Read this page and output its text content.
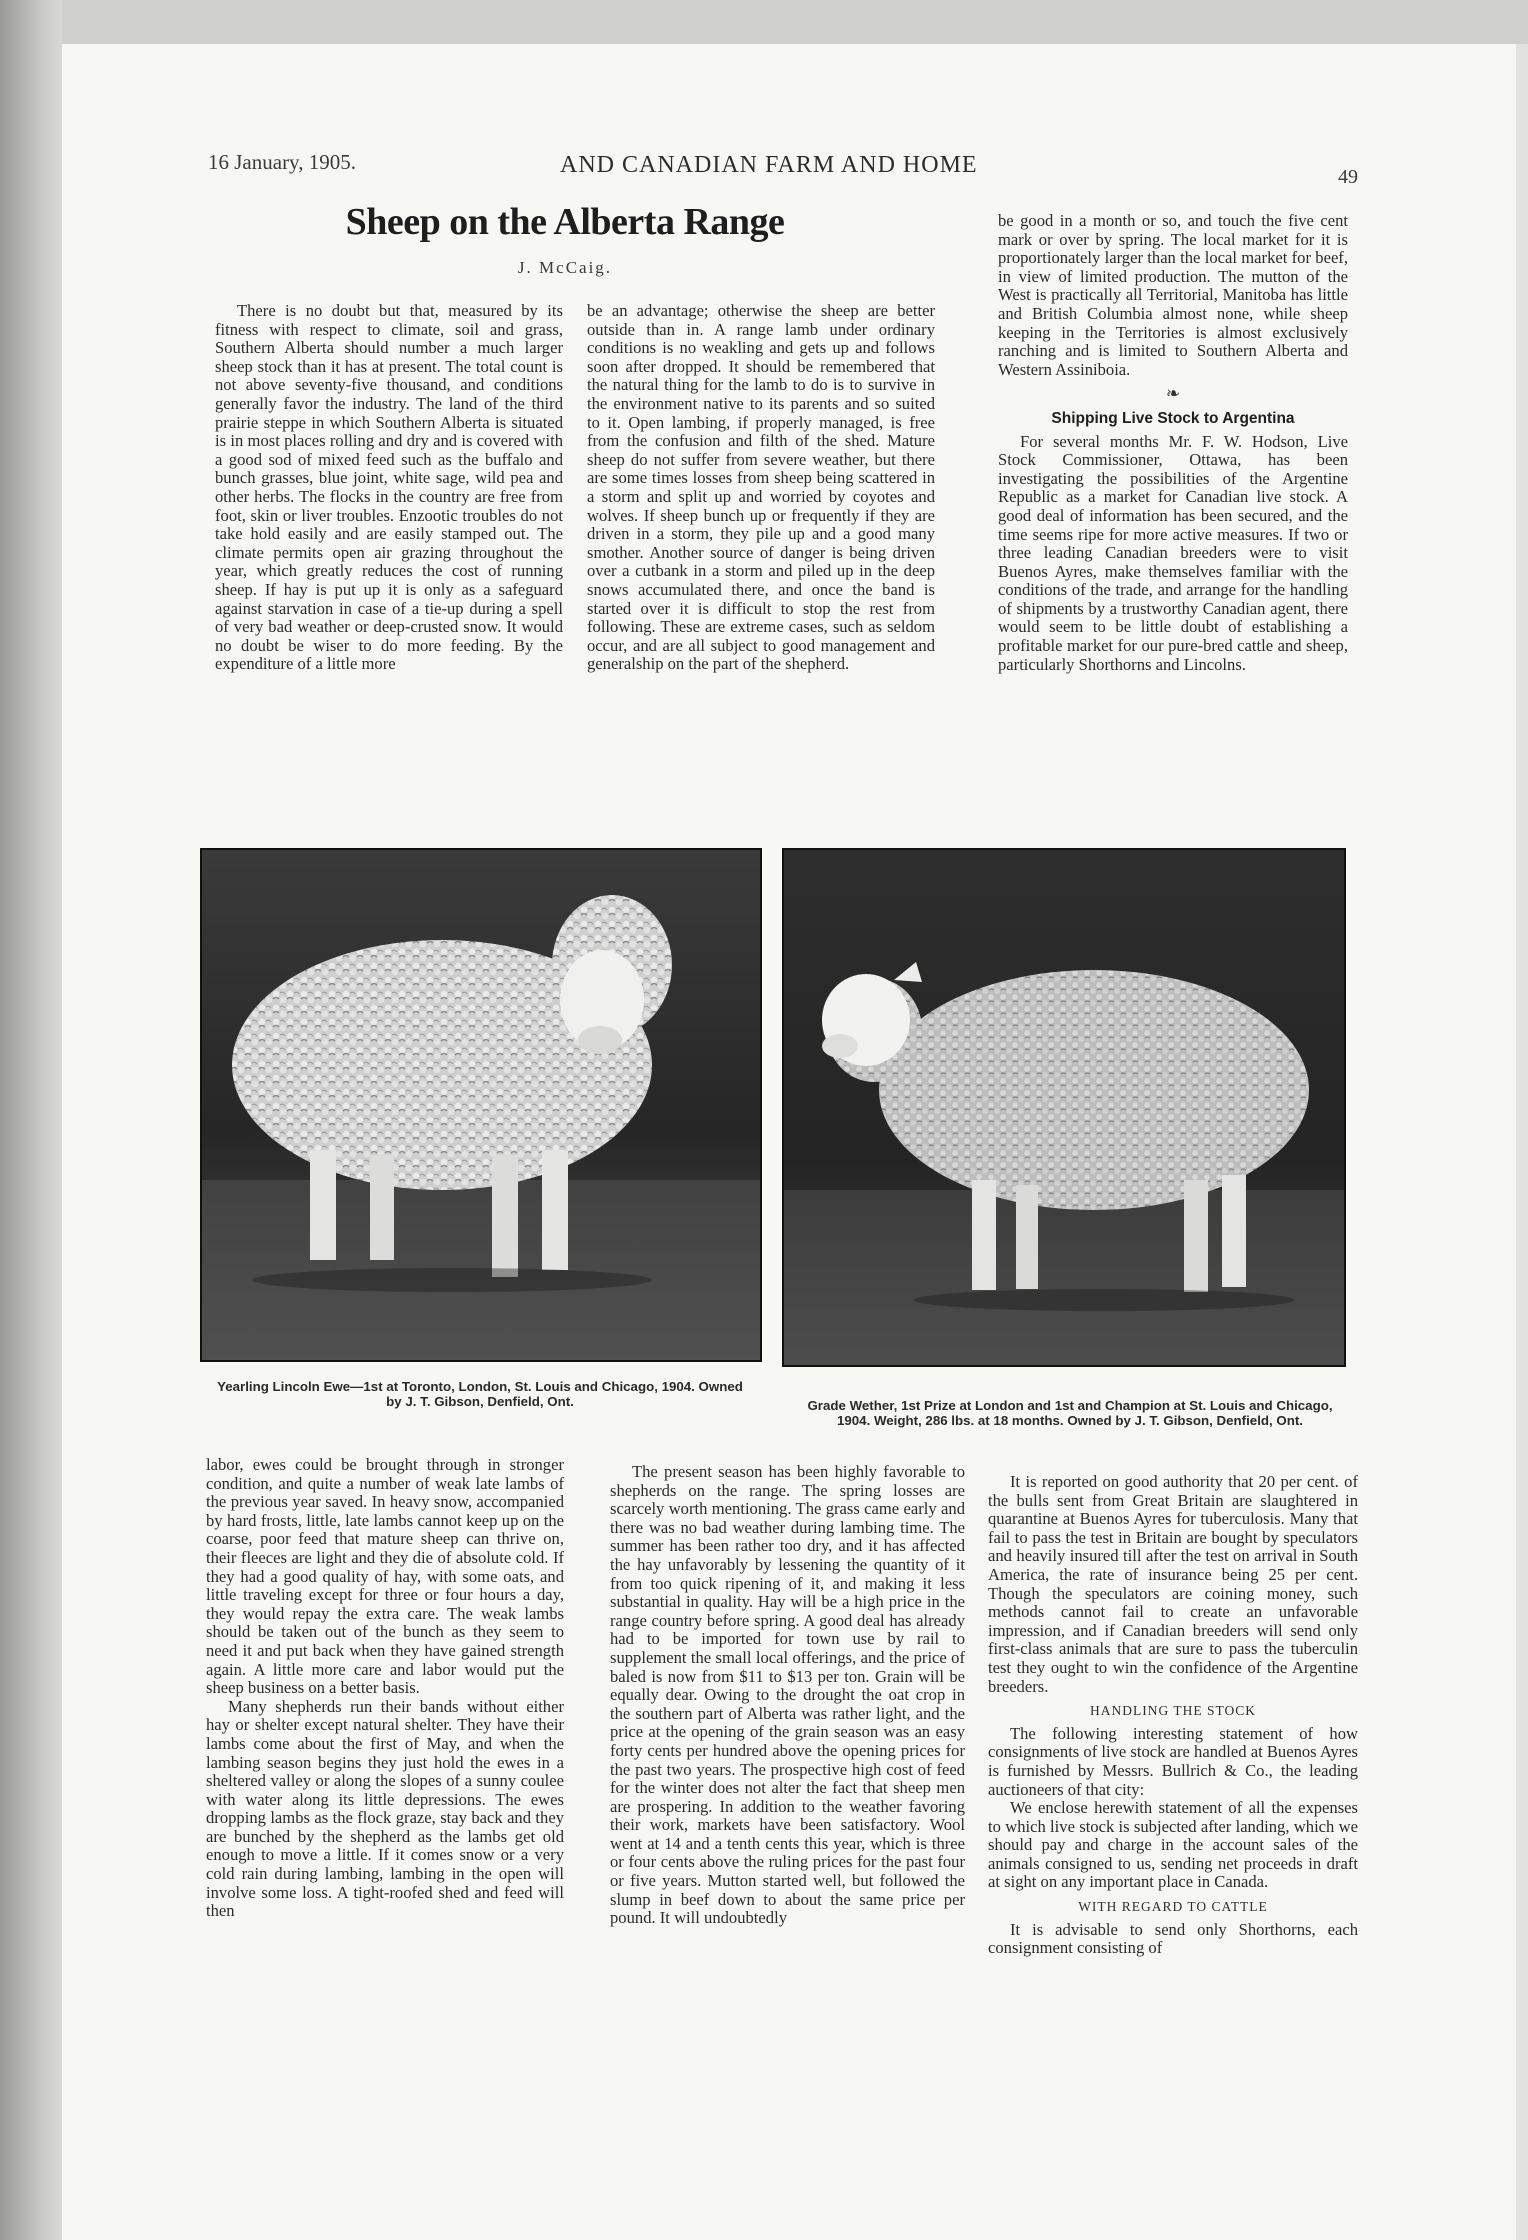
16 January, 1905.	AND CANADIAN FARM AND HOME	49
Sheep on the Alberta Range
J. McCaig.

There is no doubt but that, measured by its fitness with respect to climate, soil and grass, Southern Alberta should number a much larger sheep stock than it has at present. The total count is not above seventy-five thousand, and conditions generally favor the industry. The land of the third prairie steppe in which Southern Alberta is situated is in most places rolling and dry and is covered with a good sod of mixed feed such as the buffalo and bunch grasses, blue joint, white sage, wild pea and other herbs. The flocks in the country are free from foot, skin or liver troubles. Enzootic troubles do not take hold easily and are easily stamped out. The climate permits open air grazing throughout the year, which greatly reduces the cost of running sheep. If hay is put up it is only as a safeguard against starvation in case of a tie-up during a spell of very bad weather or deep-crusted snow. It would no doubt be wiser to do more feeding. By the expenditure of a little more

be an advantage; otherwise the sheep are better outside than in. A range lamb under ordinary conditions is no weakling and gets up and follows soon after dropped. It should be remembered that the natural thing for the lamb to do is to survive in the environment native to its parents and so suited to it. Open lambing, if properly managed, is free from the confusion and filth of the shed. Mature sheep do not suffer from severe weather, but there are some times losses from sheep being scattered in a storm and split up and worried by coyotes and wolves. If sheep bunch up or frequently if they are driven in a storm, they pile up and a good many smother. Another source of danger is being driven over a cutbank in a storm and piled up in the deep snows accumulated there, and once the band is started over it is difficult to stop the rest from following. These are extreme cases, such as seldom occur, and are all subject to good management and generalship on the part of the shepherd.

be good in a month or so, and touch the five cent mark or over by spring. The local market for it is proportionately larger than the local market for beef, in view of limited production. The mutton of the West is practically all Territorial, Manitoba has little and British Columbia almost none, while sheep keeping in the Territories is almost exclusively ranching and is limited to Southern Alberta and Western Assiniboia.

❧
Shipping Live Stock to Argentina

For several months Mr. F. W. Hodson, Live Stock Commissioner, Ottawa, has been investigating the possibilities of the Argentine Republic as a market for Canadian live stock. A good deal of information has been secured, and the time seems ripe for more active measures. If two or three leading Canadian breeders were to visit Buenos Ayres, make themselves familiar with the conditions of the trade, and arrange for the handling of shipments by a trustworthy Canadian agent, there would seem to be little doubt of establishing a profitable market for our pure-bred cattle and sheep, particularly Shorthorns and Lincolns.

Yearling Lincoln Ewe—1st at Toronto, London, St. Louis and Chicago, 1904. Owned by J. T. Gibson, Denfield, Ont.	Grade Wether, 1st Prize at London and 1st and Champion at St. Louis and Chicago, 1904. Weight, 286 lbs. at 18 months. Owned by J. T. Gibson, Denfield, Ont.

labor, ewes could be brought through in stronger condition, and quite a number of weak late lambs of the previous year saved. In heavy snow, accompanied by hard frosts, little, late lambs cannot keep up on the coarse, poor feed that mature sheep can thrive on, their fleeces are light and they die of absolute cold. If they had a good quality of hay, with some oats, and little traveling except for three or four hours a day, they would repay the extra care. The weak lambs should be taken out of the bunch as they seem to need it and put back when they have gained strength again. A little more care and labor would put the sheep business on a better basis.

Many shepherds run their bands without either hay or shelter except natural shelter. They have their lambs come about the first of May, and when the lambing season begins they just hold the ewes in a sheltered valley or along the slopes of a sunny coulee with water along its little depressions. The ewes dropping lambs as the flock graze, stay back and they are bunched by the shepherd as the lambs get old enough to move a little. If it comes snow or a very cold rain during lambing, lambing in the open will involve some loss. A tight-roofed shed and feed will then

The present season has been highly favorable to shepherds on the range. The spring losses are scarcely worth mentioning. The grass came early and there was no bad weather during lambing time. The summer has been rather too dry, and it has affected the hay unfavorably by lessening the quantity of it from too quick ripening of it, and making it less substantial in quality. Hay will be a high price in the range country before spring. A good deal has already had to be imported for town use by rail to supplement the small local offerings, and the price of baled is now from $11 to $13 per ton. Grain will be equally dear. Owing to the drought the oat crop in the southern part of Alberta was rather light, and the price at the opening of the grain season was an easy forty cents per hundred above the opening prices for the past two years. The prospective high cost of feed for the winter does not alter the fact that sheep men are prospering. In addition to the weather favoring their work, markets have been satisfactory. Wool went at 14 and a tenth cents this year, which is three or four cents above the ruling prices for the past four or five years. Mutton started well, but followed the slump in beef down to about the same price per pound. It will undoubtedly

It is reported on good authority that 20 per cent. of the bulls sent from Great Britain are slaughtered in quarantine at Buenos Ayres for tuberculosis. Many that fail to pass the test in Britain are bought by speculators and heavily insured till after the test on arrival in South America, the rate of insurance being 25 per cent. Though the speculators are coining money, such methods cannot fail to create an unfavorable impression, and if Canadian breeders will send only first-class animals that are sure to pass the tuberculin test they ought to win the confidence of the Argentine breeders.

HANDLING THE STOCK

The following interesting statement of how consignments of live stock are handled at Buenos Ayres is furnished by Messrs. Bullrich & Co., the leading auctioneers of that city:

We enclose herewith statement of all the expenses to which live stock is subjected after landing, which we should pay and charge in the account sales of the animals consigned to us, sending net proceeds in draft at sight on any important place in Canada.

WITH REGARD TO CATTLE

It is advisable to send only Shorthorns, each consignment consisting of
